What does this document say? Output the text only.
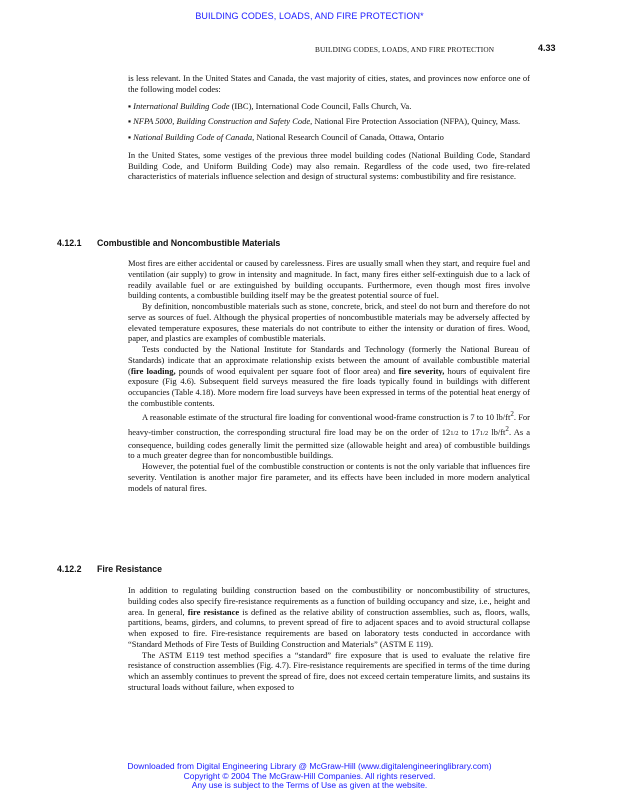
BUILDING CODES, LOADS, AND FIRE PROTECTION*
BUILDING CODES, LOADS, AND FIRE PROTECTION	4.33

is less relevant. In the United States and Canada, the vast majority of cities, states, and provinces now enforce one of the following model codes:

▪ International Building Code (IBC), International Code Council, Falls Church, Va.
▪ NFPA 5000, Building Construction and Safety Code, National Fire Protection Association (NFPA), Quincy, Mass.
▪ National Building Code of Canada, National Research Council of Canada, Ottawa, Ontario

In the United States, some vestiges of the previous three model building codes (National Building Code, Standard Building Code, and Uniform Building Code) may also remain. Regardless of the code used, two fire-related characteristics of materials influence selection and design of structural systems: combustibility and fire resistance.

4.12.1 Combustible and Noncombustible Materials

Most fires are either accidental or caused by carelessness. Fires are usually small when they start, and require fuel and ventilation (air supply) to grow in intensity and magnitude. In fact, many fires either self-extinguish due to a lack of readily available fuel or are extinguished by building occupants. Furthermore, even though most fires involve building contents, a combustible building itself may be the greatest potential source of fuel.

By definition, noncombustible materials such as stone, concrete, brick, and steel do not burn and therefore do not serve as sources of fuel. Although the physical properties of noncombustible materials may be adversely affected by elevated temperature exposures, these materials do not contribute to either the intensity or duration of fires. Wood, paper, and plastics are examples of combustible materials.

Tests conducted by the National Institute for Standards and Technology (formerly the National Bureau of Standards) indicate that an approximate relationship exists between the amount of available combustible material (fire loading, pounds of wood equivalent per square foot of floor area) and fire severity, hours of equivalent fire exposure (Fig 4.6). Subsequent field surveys measured the fire loads typically found in buildings with different occupancies (Table 4.18). More modern fire load surveys have been expressed in terms of the potential heat energy of the combustible contents.

A reasonable estimate of the structural fire loading for conventional wood-frame construction is 7 to 10 $lb/ft^2$. For heavy-timber construction, the corresponding structural fire load may be on the order of 121/2 to 171/2 $lb/ft^2$. As a consequence, building codes generally limit the permitted size (allowable height and area) of combustible buildings to a much greater degree than for noncombustible buildings.

However, the potential fuel of the combustible construction or contents is not the only variable that influences fire severity. Ventilation is another major fire parameter, and its effects have been included in more modern analytical models of natural fires.

4.12.2 Fire Resistance

In addition to regulating building construction based on the combustibility or noncombustibility of structures, building codes also specify fire-resistance requirements as a function of building occupancy and size, i.e., height and area. In general, fire resistance is defined as the relative ability of construction assemblies, such as, floors, walls, partitions, beams, girders, and columns, to prevent spread of fire to adjacent spaces and to avoid structural collapse when exposed to fire. Fire-resistance requirements are based on laboratory tests conducted in accordance with “Standard Methods of Fire Tests of Building Construction and Materials” (ASTM E 119).

The ASTM E119 test method specifies a “standard” fire exposure that is used to evaluate the relative fire resistance of construction assemblies (Fig. 4.7). Fire-resistance requirements are specified in terms of the time during which an assembly continues to prevent the spread of fire, does not exceed certain temperature limits, and sustains its structural loads without failure, when exposed to

Downloaded from Digital Engineering Library @ McGraw-Hill (www.digitalengineeringlibrary.com)
Copyright © 2004 The McGraw-Hill Companies. All rights reserved.
Any use is subject to the Terms of Use as given at the website.
